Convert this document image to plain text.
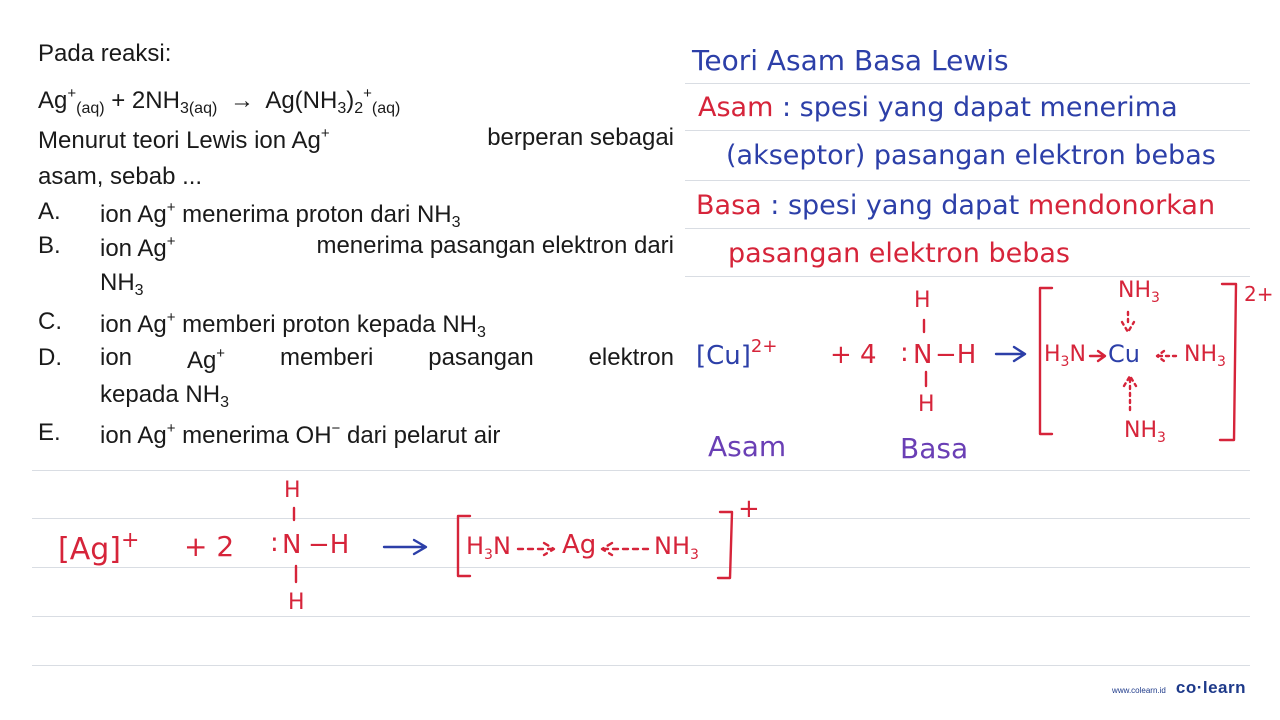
Pada reaksi:
$Ag^+_{(aq)} + 2NH_{3(aq)} \to Ag(NH_3)_2^+_{(aq)}$
Menurut teori Lewis ion Ag+	berperan sebagai
asam, sebab ...
A. ion Ag+ menerima proton dari $NH_3$
B. ion Ag+	menerima pasangan elektron dari
$NH_3$
C. ion Ag+ memberi proton kepada $NH_3$
D. ion Ag+ memberi pasangan elektron
kepada $NH_3$
E. ion Ag+ menerima OH− dari pelarut air
Teori Asam Basa Lewis
Asam : spesi yang dapat menerima
(akseptor) pasangan elektron bebas
Basa : spesi yang dapat mendonorkan
pasangan elektron bebas
$[Cu]^{2+} + 4$ : N −H
H
H
$NH_3$
$H_3N$ Cu $NH_3$
$NH_3$
2+
Asam	Basa
[Ag]+ + 2 : N −H
H
H
$H_3N$ Ag $NH_3$
+
www.colearn.id co·learn
